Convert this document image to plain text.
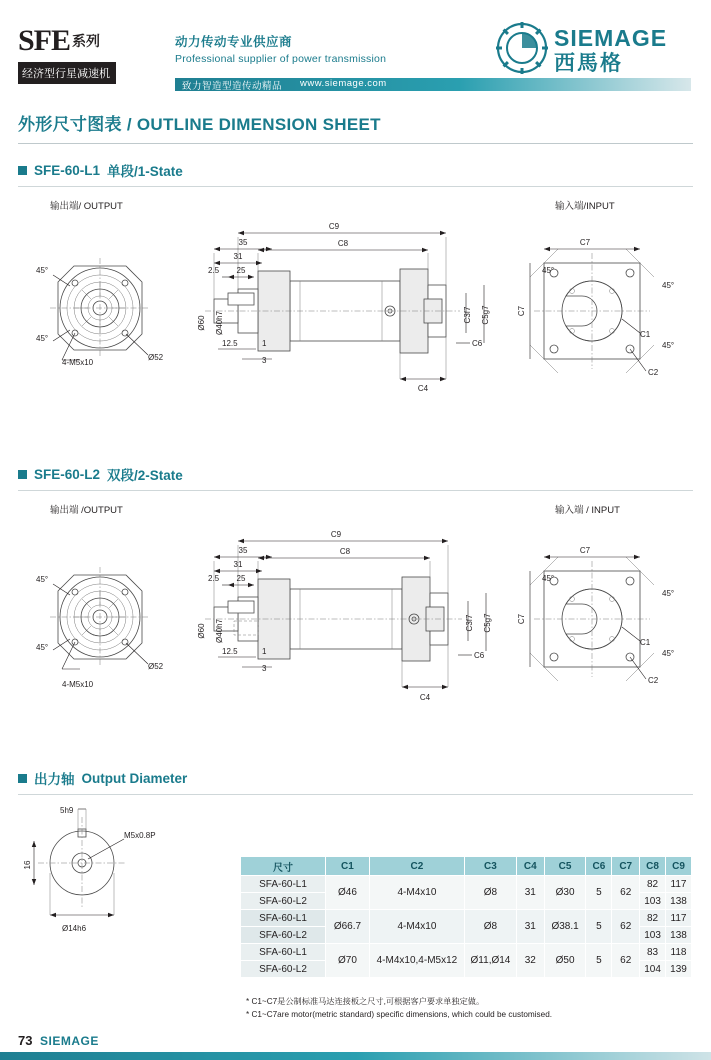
SFE 系列 经济型行星减速机
动力传动专业供应商
Professional supplier of power transmission
致力智造型造传动精品 www.siemage.com
SIEMAGE
西馬格
外形尺寸图表 / OUTLINE DIMENSION SHEET
SFE-60-L1 单段/1-State
输出端/ OUTPUT	输入端/INPUT
45°
45°
Ø52
4-M5x10
C9
C8
35
31
25
2.5
Ø60 Ø40h7
12.5	1
3
C4
C3f7 C5g7
C6
C7
C7
C1
C2
45°
45°
45°
SFE-60-L2 双段/2-State
输出端 /OUTPUT	输入端 / INPUT
45°
45°
Ø52
4-M5x10
C9
C8
35
31
25
2.5
Ø60 Ø40h7
12.5	1
3
C4
C3f7 C5g7
C6
C7
C7
C1
C2
45°
45°
45°
出力轴 Output Diameter
5h9
16
M5x0.8P
Ø14h6
尺寸	C1	C2	C3	C4	C5	C6	C7	C8	C9
SFA-60-L1	Ø46	4-M4x10	Ø8	31	Ø30	5	62	82	117
SFA-60-L2								103	138
SFA-60-L1	Ø66.7	4-M4x10	Ø8	31	Ø38.1	5	62	82	117
SFA-60-L2								103	138
SFA-60-L1	Ø70	4-M4x10,4-M5x12	Ø11,Ø14	32	Ø50	5	62	83	118
SFA-60-L2								104	139
* C1~C7是公制标准马达连接板之尺寸,可根据客户要求单独定做。
* C1~C7are motor(metric standard) specific dimensions, which could be customised.
73 SIEMAGE
